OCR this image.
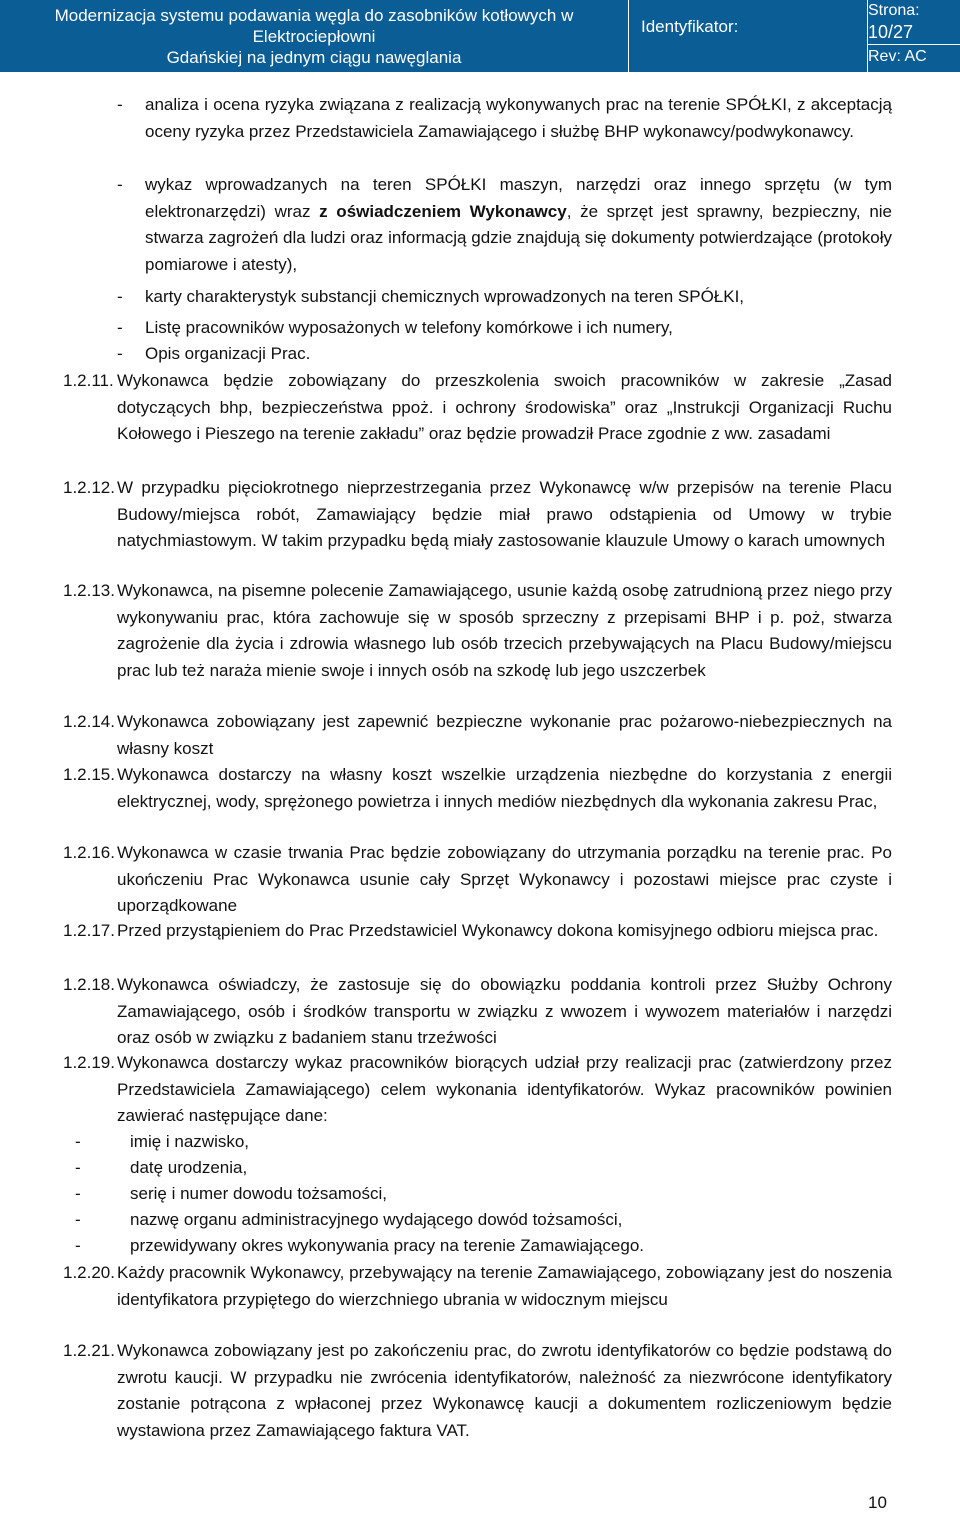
Modernizacja systemu podawania węgla do zasobników kotłowych w Elektrociepłowni
Gdańskiej na jednym ciągu nawęglania
Identyfikator:
Strona:
10/27
Rev: AC
- analiza i ocena ryzyka związana z realizacją wykonywanych prac na terenie SPÓŁKI, z akceptacją oceny ryzyka przez Przedstawiciela Zamawiającego i służbę BHP wykonawcy/podwykonawcy.
- wykaz wprowadzanych na teren SPÓŁKI maszyn, narzędzi oraz innego sprzętu (w tym elektronarzędzi) wraz z oświadczeniem Wykonawcy, że sprzęt jest sprawny, bezpieczny, nie stwarza zagrożeń dla ludzi oraz informacją gdzie znajdują się dokumenty potwierdzające (protokoły pomiarowe i atesty),
- karty charakterystyk substancji chemicznych wprowadzonych na teren SPÓŁKI,
- Listę pracowników wyposażonych w telefony komórkowe i ich numery,
- Opis organizacji Prac.
1.2.11. Wykonawca będzie zobowiązany do przeszkolenia swoich pracowników w zakresie „Zasad dotyczących bhp, bezpieczeństwa ppoż. i ochrony środowiska” oraz „Instrukcji Organizacji Ruchu Kołowego i Pieszego na terenie zakładu” oraz będzie prowadził Prace zgodnie z ww. zasadami
1.2.12. W przypadku pięciokrotnego nieprzestrzegania przez Wykonawcę w/w przepisów na terenie Placu Budowy/miejsca robót, Zamawiający będzie miał prawo odstąpienia od Umowy w trybie natychmiastowym. W takim przypadku będą miały zastosowanie klauzule Umowy o karach umownych
1.2.13. Wykonawca, na pisemne polecenie Zamawiającego, usunie każdą osobę zatrudnioną przez niego przy wykonywaniu prac, która zachowuje się w sposób sprzeczny z przepisami BHP i p. poż, stwarza zagrożenie dla życia i zdrowia własnego lub osób trzecich przebywających na Placu Budowy/miejscu prac lub też naraża mienie swoje i innych osób na szkodę lub jego uszczerbek
1.2.14. Wykonawca zobowiązany jest zapewnić bezpieczne wykonanie prac pożarowo-niebezpiecznych na własny koszt
1.2.15. Wykonawca dostarczy na własny koszt wszelkie urządzenia niezbędne do korzystania z energii elektrycznej, wody, sprężonego powietrza i innych mediów niezbędnych dla wykonania zakresu Prac,
1.2.16. Wykonawca w czasie trwania Prac będzie zobowiązany do utrzymania porządku na terenie prac. Po ukończeniu Prac Wykonawca usunie cały Sprzęt Wykonawcy i pozostawi miejsce prac czyste i uporządkowane
1.2.17. Przed przystąpieniem do Prac Przedstawiciel Wykonawcy dokona komisyjnego odbioru miejsca prac.
1.2.18. Wykonawca oświadczy, że zastosuje się do obowiązku poddania kontroli przez Służby Ochrony Zamawiającego, osób i środków transportu w związku z wwozem i wywozem materiałów i narzędzi oraz osób w związku z badaniem stanu trzeźwości
1.2.19. Wykonawca dostarczy wykaz pracowników biorących udział przy realizacji prac (zatwierdzony przez Przedstawiciela Zamawiającego) celem wykonania identyfikatorów. Wykaz pracowników powinien zawierać następujące dane:
-	imię i nazwisko,
-	datę urodzenia,
-	serię i numer dowodu tożsamości,
-	nazwę organu administracyjnego wydającego dowód tożsamości,
-	przewidywany okres wykonywania pracy na terenie Zamawiającego.
1.2.20. Każdy pracownik Wykonawcy, przebywający na terenie Zamawiającego, zobowiązany jest do noszenia identyfikatora przypiętego do wierzchniego ubrania w widocznym miejscu
1.2.21. Wykonawca zobowiązany jest po zakończeniu prac, do zwrotu identyfikatorów co będzie podstawą do zwrotu kaucji. W przypadku nie zwrócenia identyfikatorów, należność za niezwrócone identyfikatory zostanie potrącona z wpłaconej przez Wykonawcę kaucji a dokumentem rozliczeniowym będzie wystawiona przez Zamawiającego faktura VAT.
10
